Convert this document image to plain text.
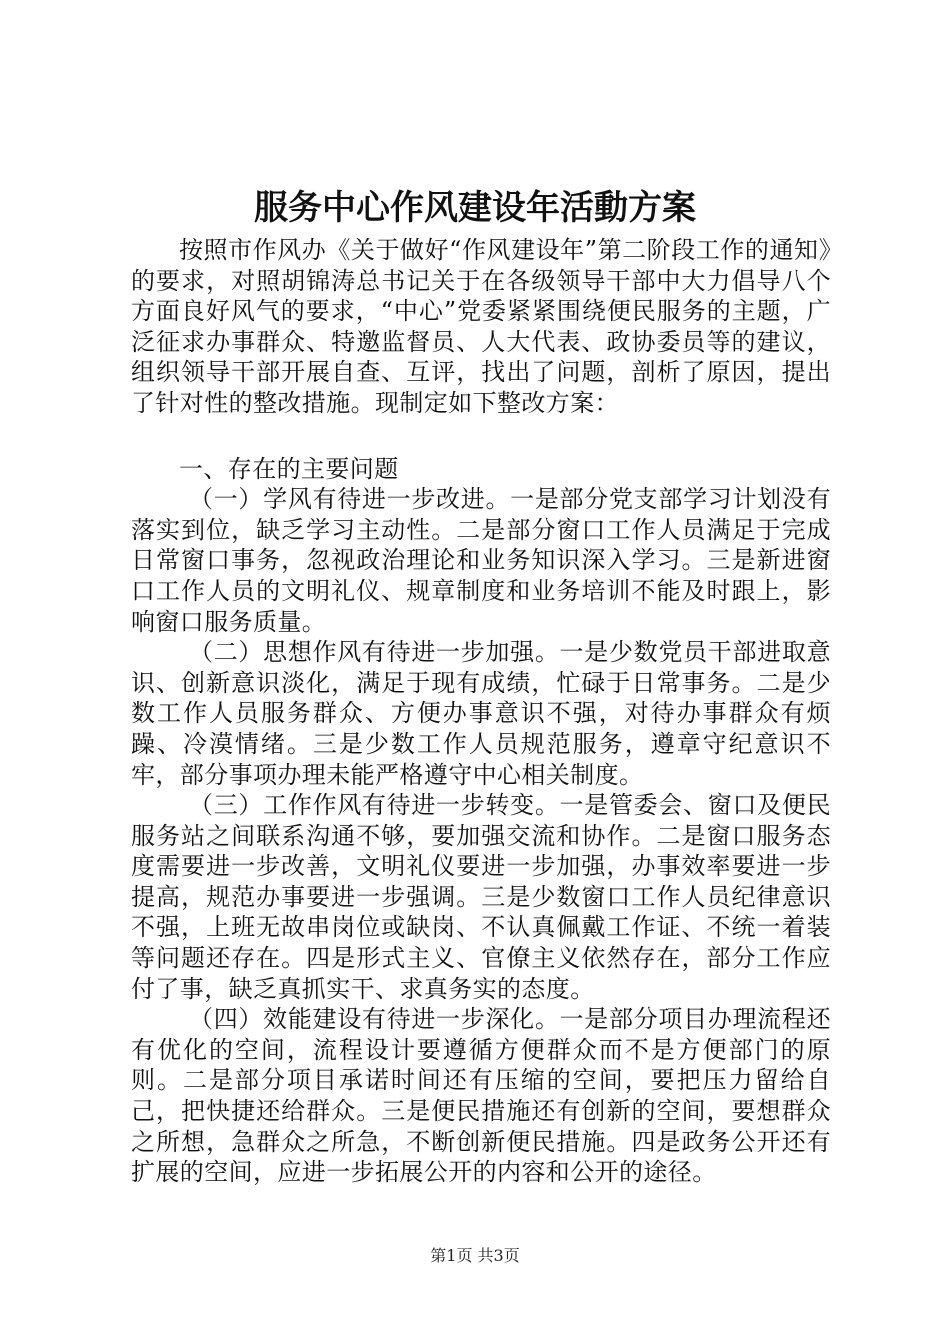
服务中心作风建设年活動方案

按照市作风办《关于做好“作风建设年”第二阶段工作的通知》的要求，对照胡锦涛总书记关于在各级领导干部中大力倡导八个方面良好风气的要求，“中心”党委紧紧围绕便民服务的主题，广泛征求办事群众、特邀监督员、人大代表、政协委员等的建议，组织领导干部开展自查、互评，找出了问题，剖析了原因，提出了针对性的整改措施。现制定如下整改方案：

一、存在的主要问题

（一）学风有待进一步改进。一是部分党支部学习计划没有落实到位，缺乏学习主动性。二是部分窗口工作人员满足于完成日常窗口事务，忽视政治理论和业务知识深入学习。三是新进窗口工作人员的文明礼仪、规章制度和业务培训不能及时跟上，影响窗口服务质量。

（二）思想作风有待进一步加强。一是少数党员干部进取意识、创新意识淡化，满足于现有成绩，忙碌于日常事务。二是少数工作人员服务群众、方便办事意识不强，对待办事群众有烦躁、冷漠情绪。三是少数工作人员规范服务，遵章守纪意识不牢，部分事项办理未能严格遵守中心相关制度。

（三）工作作风有待进一步转变。一是管委会、窗口及便民服务站之间联系沟通不够，要加强交流和协作。二是窗口服务态度需要进一步改善，文明礼仪要进一步加强，办事效率要进一步提高，规范办事要进一步强调。三是少数窗口工作人员纪律意识不强，上班无故串岗位或缺岗、不认真佩戴工作证、不统一着装等问题还存在。四是形式主义、官僚主义依然存在，部分工作应付了事，缺乏真抓实干、求真务实的态度。

（四）效能建设有待进一步深化。一是部分项目办理流程还有优化的空间，流程设计要遵循方便群众而不是方便部门的原则。二是部分项目承诺时间还有压缩的空间，要把压力留给自己，把快捷还给群众。三是便民措施还有创新的空间，要想群众之所想，急群众之所急，不断创新便民措施。四是政务公开还有扩展的空间，应进一步拓展公开的内容和公开的途径。

第1页 共3页
